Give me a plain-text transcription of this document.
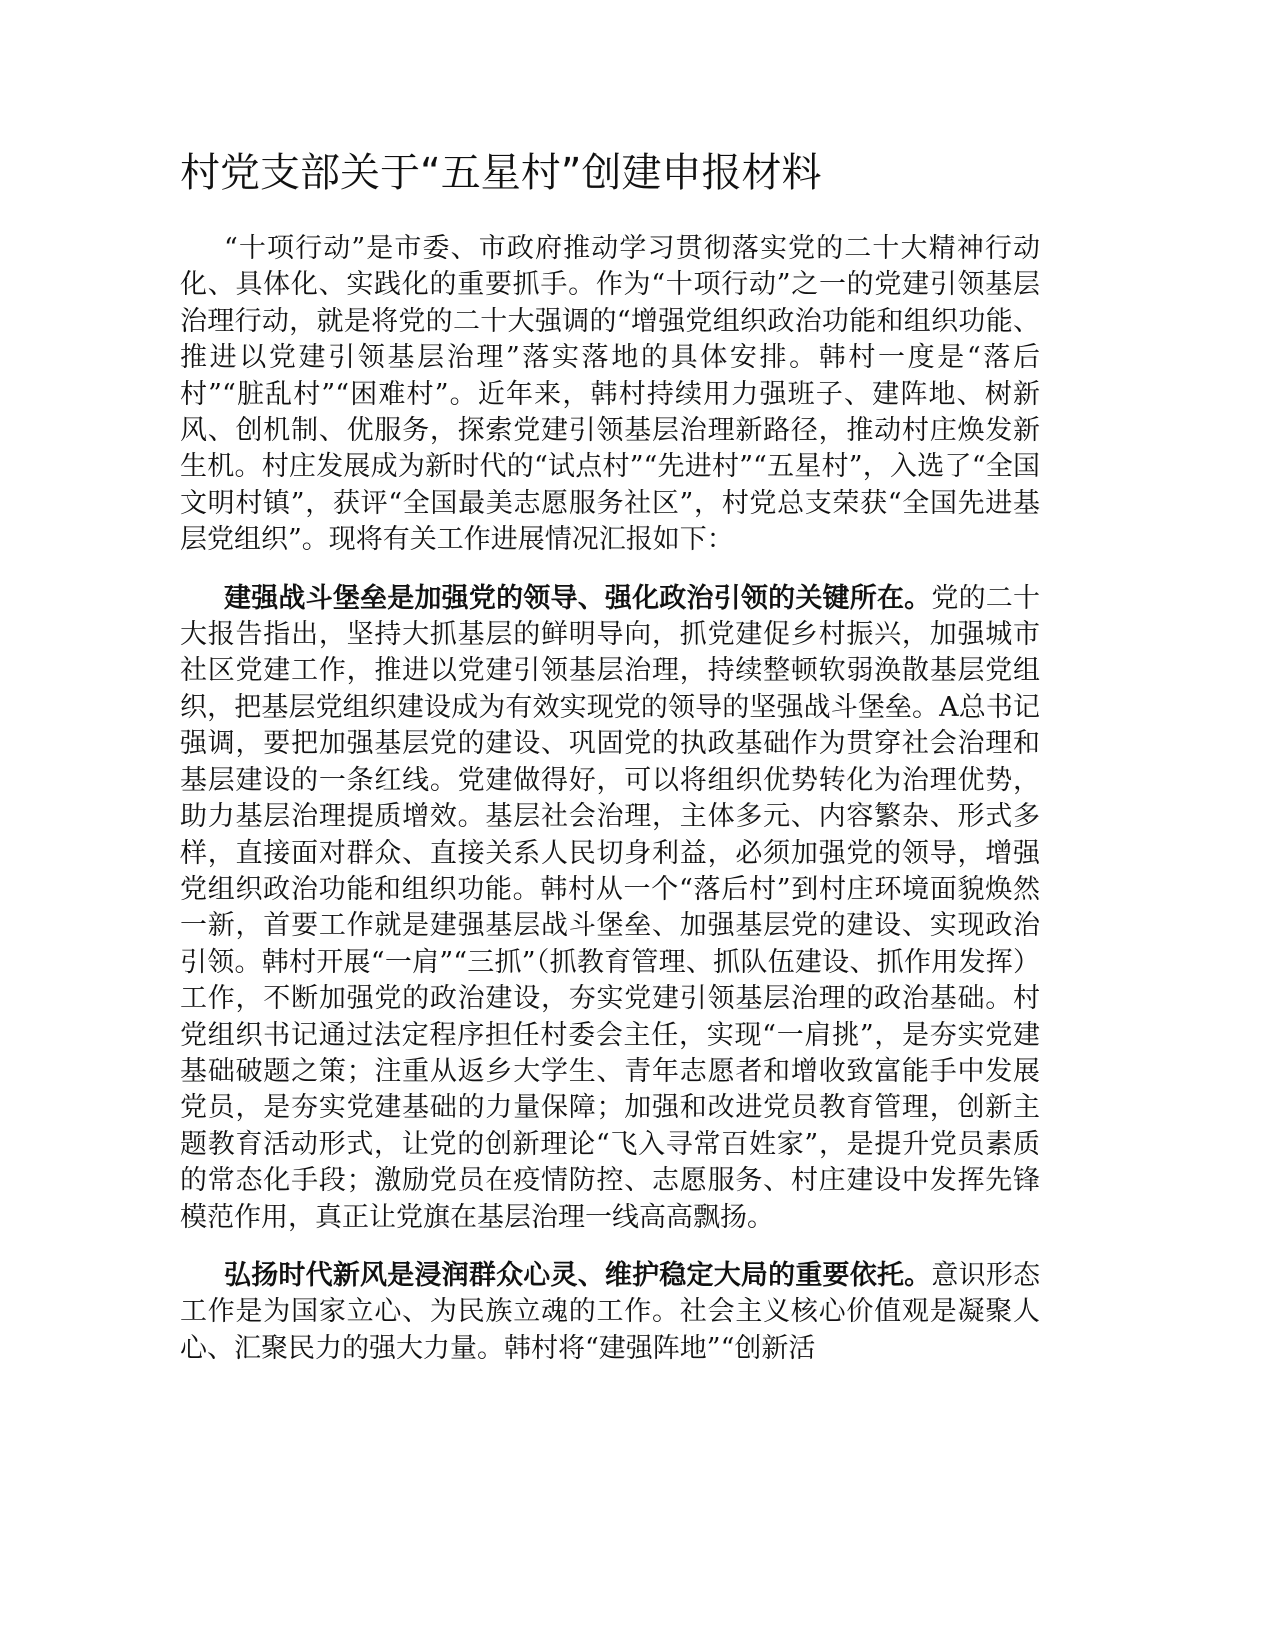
村党支部关于“五星村”创建申报材料

“十项行动”是市委、市政府推动学习贯彻落实党的二十大精神行动化、具体化、实践化的重要抓手。作为“十项行动”之一的党建引领基层治理行动，就是将党的二十大强调的“增强党组织政治功能和组织功能、推进以党建引领基层治理”落实落地的具体安排。韩村一度是“落后村”“脏乱村”“困难村”。近年来，韩村持续用力强班子、建阵地、树新风、创机制、优服务，探索党建引领基层治理新路径，推动村庄焕发新生机。村庄发展成为新时代的“试点村”“先进村”“五星村”，入选了“全国文明村镇”，获评“全国最美志愿服务社区”，村党总支荣获“全国先进基层党组织”。现将有关工作进展情况汇报如下：

建强战斗堡垒是加强党的领导、强化政治引领的关键所在。党的二十大报告指出，坚持大抓基层的鲜明导向，抓党建促乡村振兴，加强城市社区党建工作，推进以党建引领基层治理，持续整顿软弱涣散基层党组织，把基层党组织建设成为有效实现党的领导的坚强战斗堡垒。A总书记强调，要把加强基层党的建设、巩固党的执政基础作为贯穿社会治理和基层建设的一条红线。党建做得好，可以将组织优势转化为治理优势，助力基层治理提质增效。基层社会治理，主体多元、内容繁杂、形式多样，直接面对群众、直接关系人民切身利益，必须加强党的领导，增强党组织政治功能和组织功能。韩村从一个“落后村”到村庄环境面貌焕然一新，首要工作就是建强基层战斗堡垒、加强基层党的建设、实现政治引领。韩村开展“一肩”“三抓”（抓教育管理、抓队伍建设、抓作用发挥）工作，不断加强党的政治建设，夯实党建引领基层治理的政治基础。村党组织书记通过法定程序担任村委会主任，实现“一肩挑”，是夯实党建基础破题之策；注重从返乡大学生、青年志愿者和增收致富能手中发展党员，是夯实党建基础的力量保障；加强和改进党员教育管理，创新主题教育活动形式，让党的创新理论“飞入寻常百姓家”，是提升党员素质的常态化手段；激励党员在疫情防控、志愿服务、村庄建设中发挥先锋模范作用，真正让党旗在基层治理一线高高飘扬。

弘扬时代新风是浸润群众心灵、维护稳定大局的重要依托。意识形态工作是为国家立心、为民族立魂的工作。社会主义核心价值观是凝聚人心、汇聚民力的强大力量。韩村将“建强阵地”“创新活
